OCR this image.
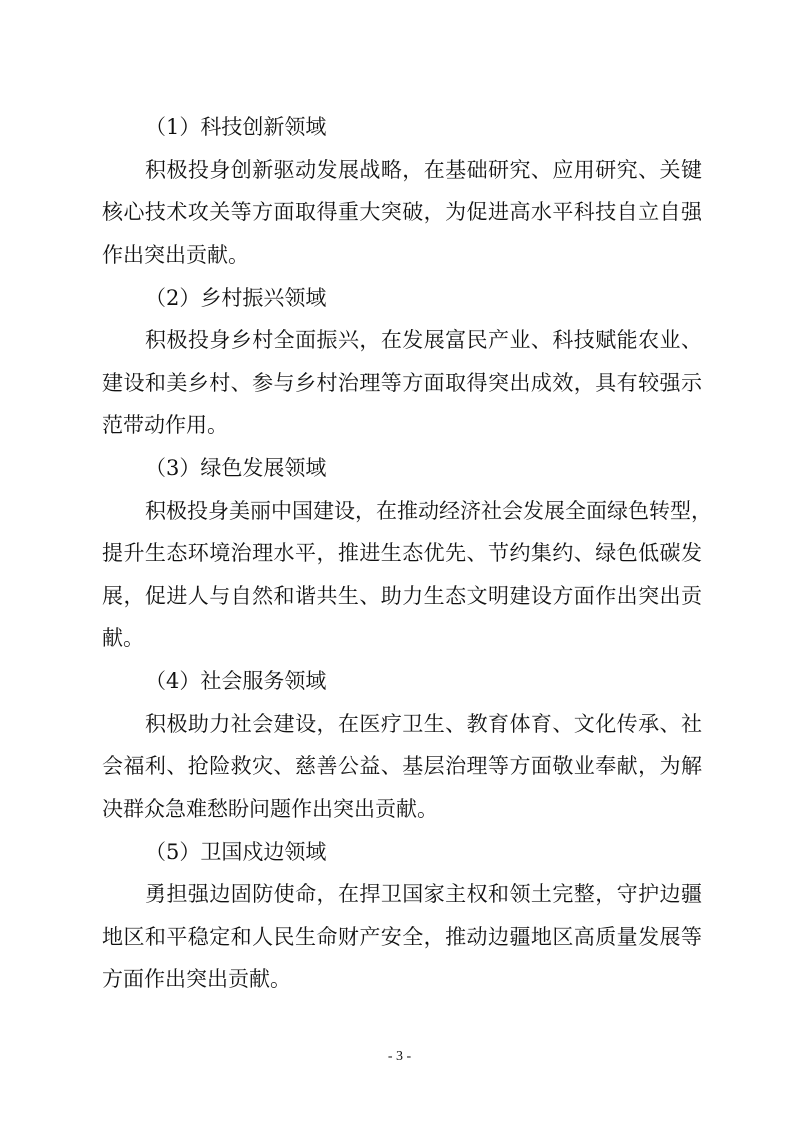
（1）科技创新领域
积极投身创新驱动发展战略，在基础研究、应用研究、关键
核心技术攻关等方面取得重大突破，为促进高水平科技自立自强
作出突出贡献。
（2）乡村振兴领域
积极投身乡村全面振兴，在发展富民产业、科技赋能农业、
建设和美乡村、参与乡村治理等方面取得突出成效，具有较强示
范带动作用。
（3）绿色发展领域
积极投身美丽中国建设，在推动经济社会发展全面绿色转型，
提升生态环境治理水平，推进生态优先、节约集约、绿色低碳发
展，促进人与自然和谐共生、助力生态文明建设方面作出突出贡
献。
（4）社会服务领域
积极助力社会建设，在医疗卫生、教育体育、文化传承、社
会福利、抢险救灾、慈善公益、基层治理等方面敬业奉献，为解
决群众急难愁盼问题作出突出贡献。
（5）卫国戍边领域
勇担强边固防使命，在捍卫国家主权和领土完整，守护边疆
地区和平稳定和人民生命财产安全，推动边疆地区高质量发展等
方面作出突出贡献。
- 3 -
